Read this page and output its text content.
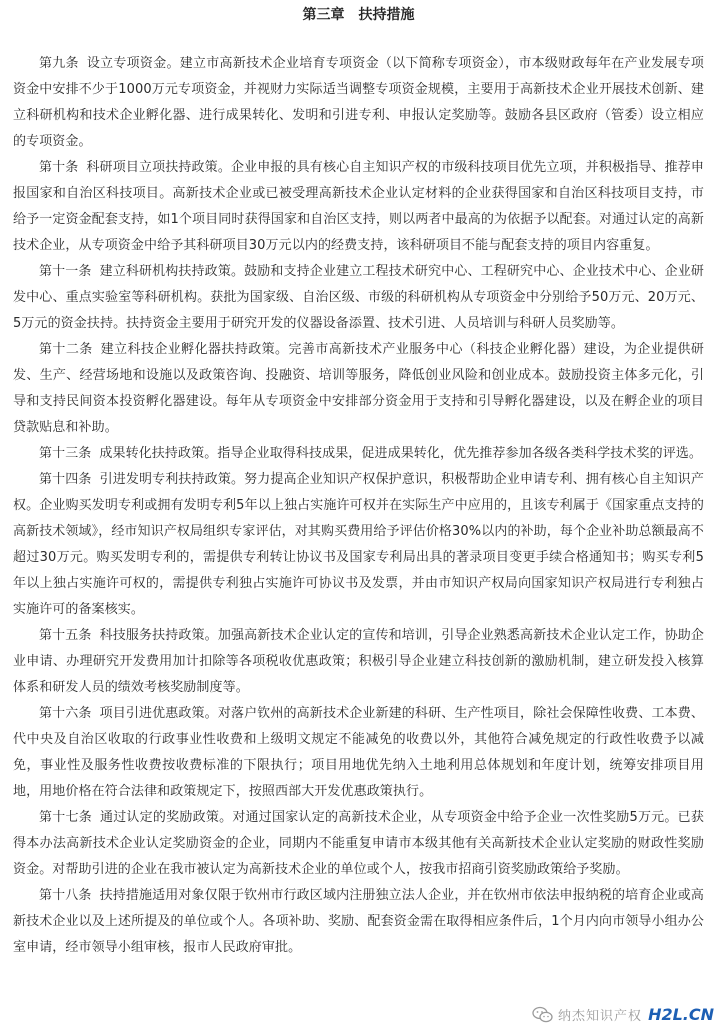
第三章　扶持措施

第九条 设立专项资金。建立市高新技术企业培育专项资金（以下简称专项资金），市本级财政每年在产业发展专项资金中安排不少于1000万元专项资金，并视财力实际适当调整专项资金规模，主要用于高新技术企业开展技术创新、建立科研机构和技术企业孵化器、进行成果转化、发明和引进专利、申报认定奖励等。鼓励各县区政府（管委）设立相应的专项资金。

第十条 科研项目立项扶持政策。企业申报的具有核心自主知识产权的市级科技项目优先立项，并积极指导、推荐申报国家和自治区科技项目。高新技术企业或已被受理高新技术企业认定材料的企业获得国家和自治区科技项目支持，市给予一定资金配套支持，如1个项目同时获得国家和自治区支持，则以两者中最高的为依据予以配套。对通过认定的高新技术企业，从专项资金中给予其科研项目30万元以内的经费支持，该科研项目不能与配套支持的项目内容重复。

第十一条 建立科研机构扶持政策。鼓励和支持企业建立工程技术研究中心、工程研究中心、企业技术中心、企业研发中心、重点实验室等科研机构。获批为国家级、自治区级、市级的科研机构从专项资金中分别给予50万元、20万元、5万元的资金扶持。扶持资金主要用于研究开发的仪器设备添置、技术引进、人员培训与科研人员奖励等。

第十二条 建立科技企业孵化器扶持政策。完善市高新技术产业服务中心（科技企业孵化器）建设，为企业提供研发、生产、经营场地和设施以及政策咨询、投融资、培训等服务，降低创业风险和创业成本。鼓励投资主体多元化，引导和支持民间资本投资孵化器建设。每年从专项资金中安排部分资金用于支持和引导孵化器建设，以及在孵企业的项目贷款贴息和补助。

第十三条 成果转化扶持政策。指导企业取得科技成果，促进成果转化，优先推荐参加各级各类科学技术奖的评选。

第十四条 引进发明专利扶持政策。努力提高企业知识产权保护意识，积极帮助企业申请专利、拥有核心自主知识产权。企业购买发明专利或拥有发明专利5年以上独占实施许可权并在实际生产中应用的，且该专利属于《国家重点支持的高新技术领域》，经市知识产权局组织专家评估，对其购买费用给予评估价格30%以内的补助，每个企业补助总额最高不超过30万元。购买发明专利的，需提供专利转让协议书及国家专利局出具的著录项目变更手续合格通知书；购买专利5年以上独占实施许可权的，需提供专利独占实施许可协议书及发票，并由市知识产权局向国家知识产权局进行专利独占实施许可的备案核实。

第十五条 科技服务扶持政策。加强高新技术企业认定的宣传和培训，引导企业熟悉高新技术企业认定工作，协助企业申请、办理研究开发费用加计扣除等各项税收优惠政策；积极引导企业建立科技创新的激励机制，建立研发投入核算体系和研发人员的绩效考核奖励制度等。

第十六条 项目引进优惠政策。对落户钦州的高新技术企业新建的科研、生产性项目，除社会保障性收费、工本费、代中央及自治区收取的行政事业性收费和上级明文规定不能减免的收费以外，其他符合减免规定的行政性收费予以减免，事业性及服务性收费按收费标准的下限执行；项目用地优先纳入土地利用总体规划和年度计划，统筹安排项目用地，用地价格在符合法律和政策规定下，按照西部大开发优惠政策执行。

第十七条 通过认定的奖励政策。对通过国家认定的高新技术企业，从专项资金中给予企业一次性奖励5万元。已获得本办法高新技术企业认定奖励资金的企业，同期内不能重复申请市本级其他有关高新技术企业认定奖励的财政性奖励资金。对帮助引进的企业在我市被认定为高新技术企业的单位或个人，按我市招商引资奖励政策给予奖励。

第十八条 扶持措施适用对象仅限于钦州市行政区域内注册独立法人企业，并在钦州市依法申报纳税的培育企业或高新技术企业以及上述所提及的单位或个人。各项补助、奖励、配套资金需在取得相应条件后，1个月内向市领导小组办公室申请，经市领导小组审核，报市人民政府审批。

纳杰知识产权 H2L.CN
